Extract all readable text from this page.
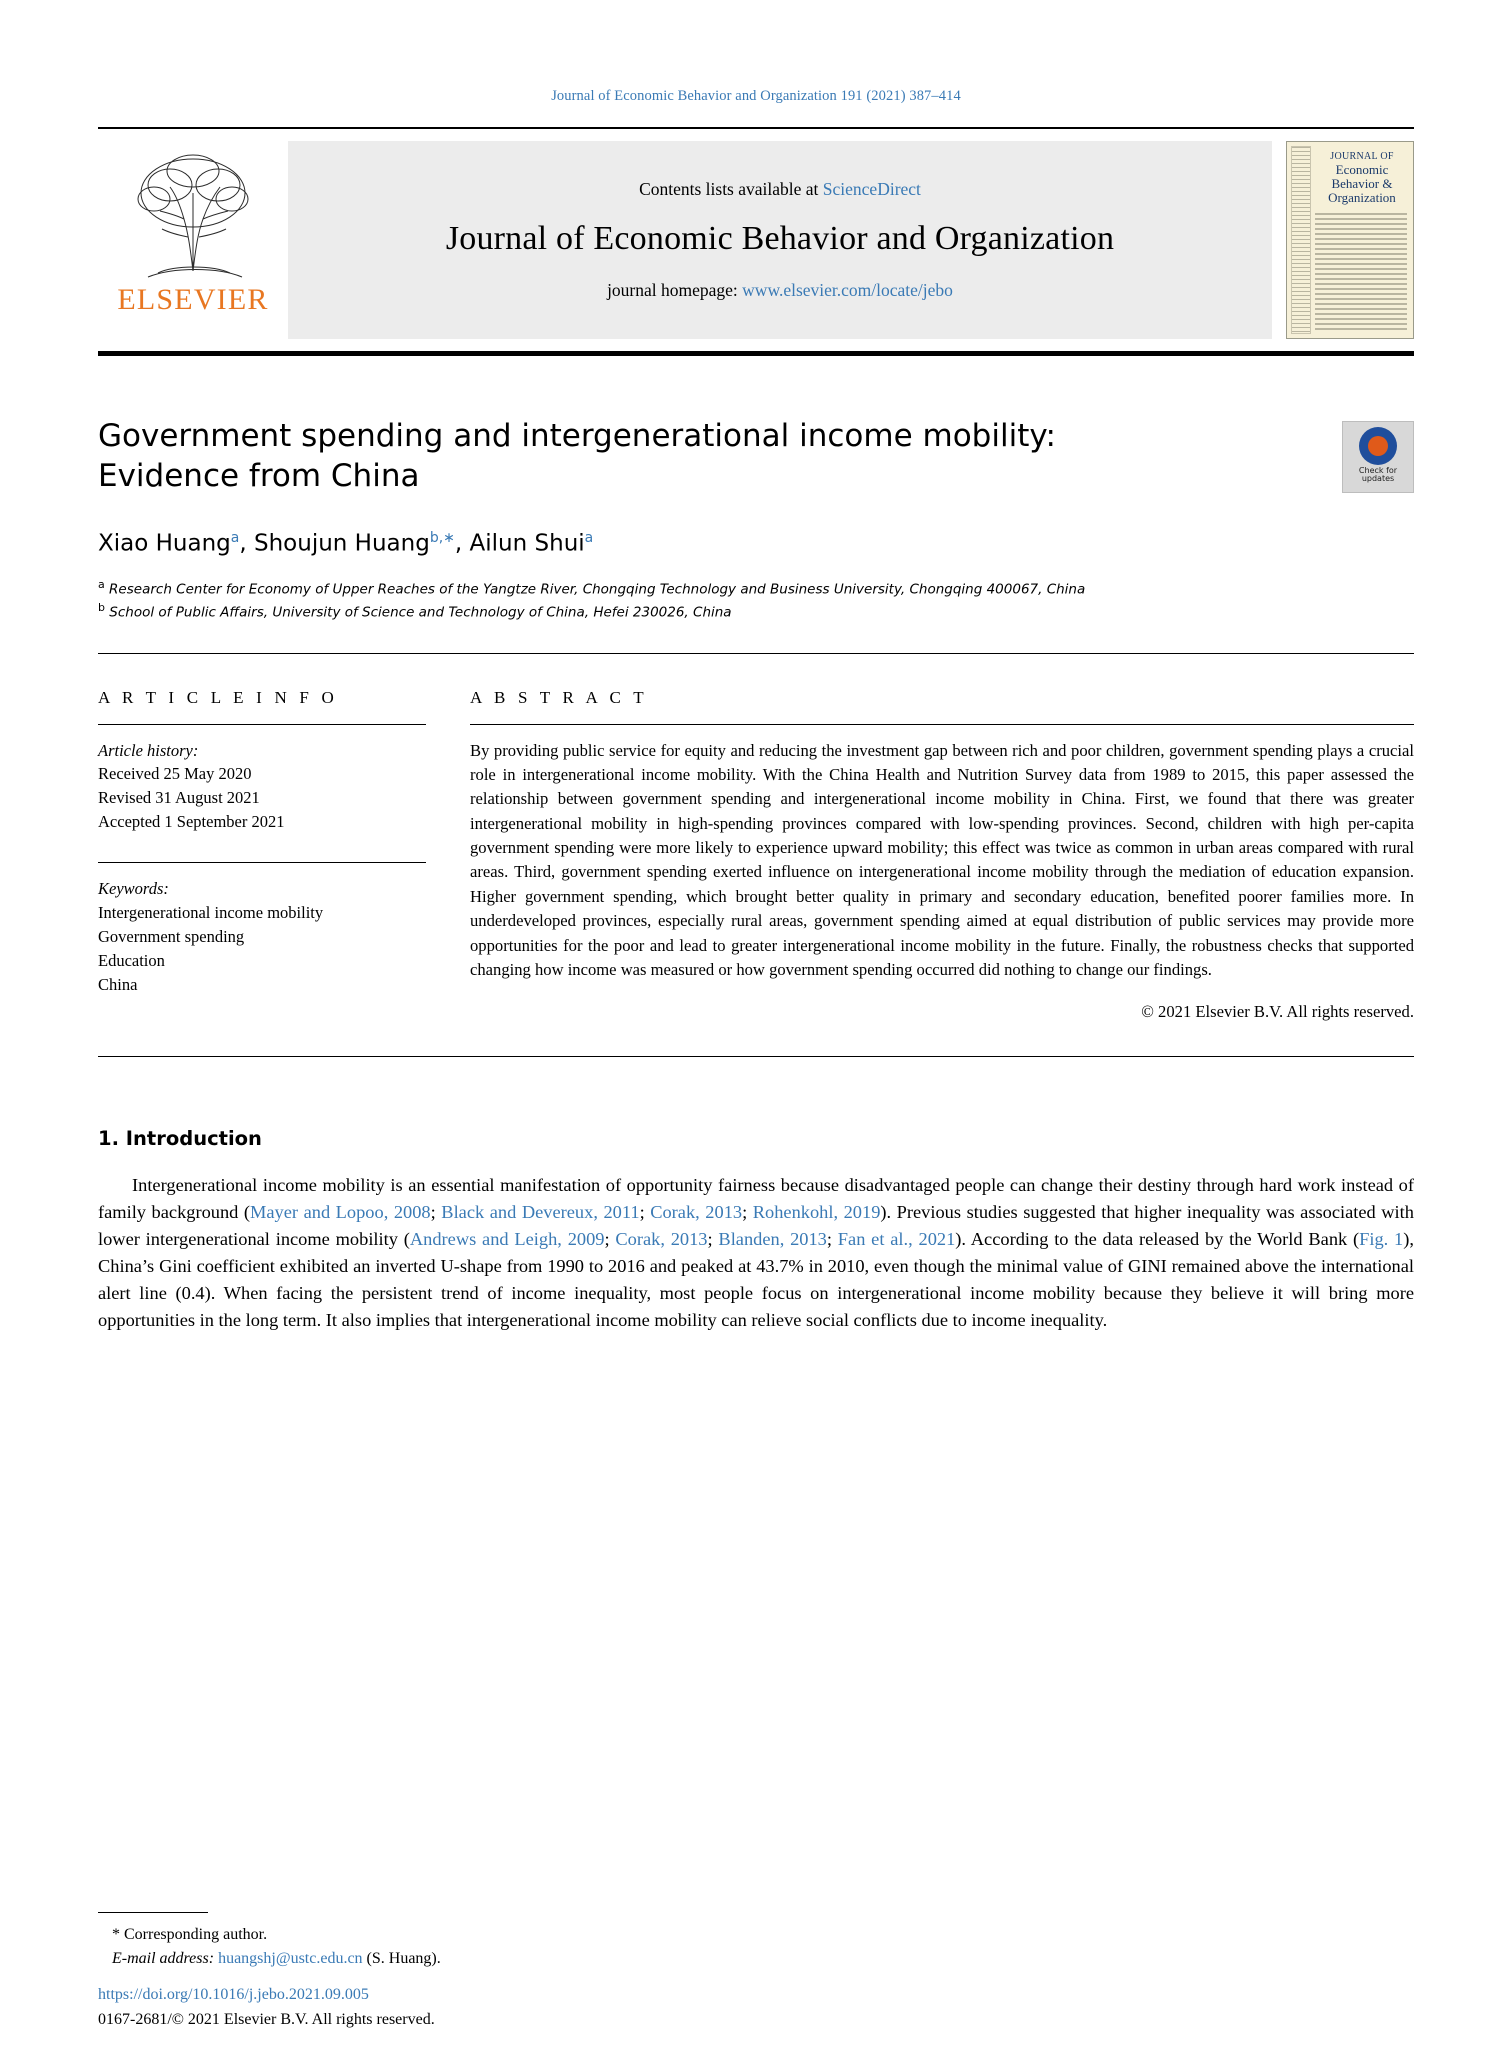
Journal of Economic Behavior and Organization 191 (2021) 387–414
ELSEVIER
Contents lists available at ScienceDirect
Journal of Economic Behavior and Organization
journal homepage: www.elsevier.com/locate/jebo
JOURNAL OF
Economic
Behavior &
Organization
Government spending and intergenerational income mobility: Evidence from China	Check for updates
Xiao Huang$^a$, Shoujun Huang$^{b,∗}$, Ailun Shui$^a$
$^a$ Research Center for Economy of Upper Reaches of the Yangtze River, Chongqing Technology and Business University, Chongqing 400067, China
$^b$ School of Public Affairs, University of Science and Technology of China, Hefei 230026, China
A R T I C L E I N F O
Article history:
Received 25 May 2020
Revised 31 August 2021
Accepted 1 September 2021
Keywords:
Intergenerational income mobility
Government spending
Education
China
A B S T R A C T
By providing public service for equity and reducing the investment gap between rich and poor children, government spending plays a crucial role in intergenerational income mobility. With the China Health and Nutrition Survey data from 1989 to 2015, this paper assessed the relationship between government spending and intergenerational income mobility in China. First, we found that there was greater intergenerational mobility in high-spending provinces compared with low-spending provinces. Second, children with high per-capita government spending were more likely to experience upward mobility; this effect was twice as common in urban areas compared with rural areas. Third, government spending exerted influence on intergenerational income mobility through the mediation of education expansion. Higher government spending, which brought better quality in primary and secondary education, benefited poorer families more. In underdeveloped provinces, especially rural areas, government spending aimed at equal distribution of public services may provide more opportunities for the poor and lead to greater intergenerational income mobility in the future. Finally, the robustness checks that supported changing how income was measured or how government spending occurred did nothing to change our findings.
© 2021 Elsevier B.V. All rights reserved.
1. Introduction

Intergenerational income mobility is an essential manifestation of opportunity fairness because disadvantaged people can change their destiny through hard work instead of family background (Mayer and Lopoo, 2008; Black and Devereux, 2011; Corak, 2013; Rohenkohl, 2019). Previous studies suggested that higher inequality was associated with lower intergenerational income mobility (Andrews and Leigh, 2009; Corak, 2013; Blanden, 2013; Fan et al., 2021). According to the data released by the World Bank (Fig. 1), China’s Gini coefficient exhibited an inverted U-shape from 1990 to 2016 and peaked at 43.7% in 2010, even though the minimal value of GINI remained above the international alert line (0.4). When facing the persistent trend of income inequality, most people focus on intergenerational income mobility because they believe it will bring more opportunities in the long term. It also implies that intergenerational income mobility can relieve social conflicts due to income inequality.

* Corresponding author.
E-mail address: huangshj@ustc.edu.cn (S. Huang).
https://doi.org/10.1016/j.jebo.2021.09.005
0167-2681/© 2021 Elsevier B.V. All rights reserved.
